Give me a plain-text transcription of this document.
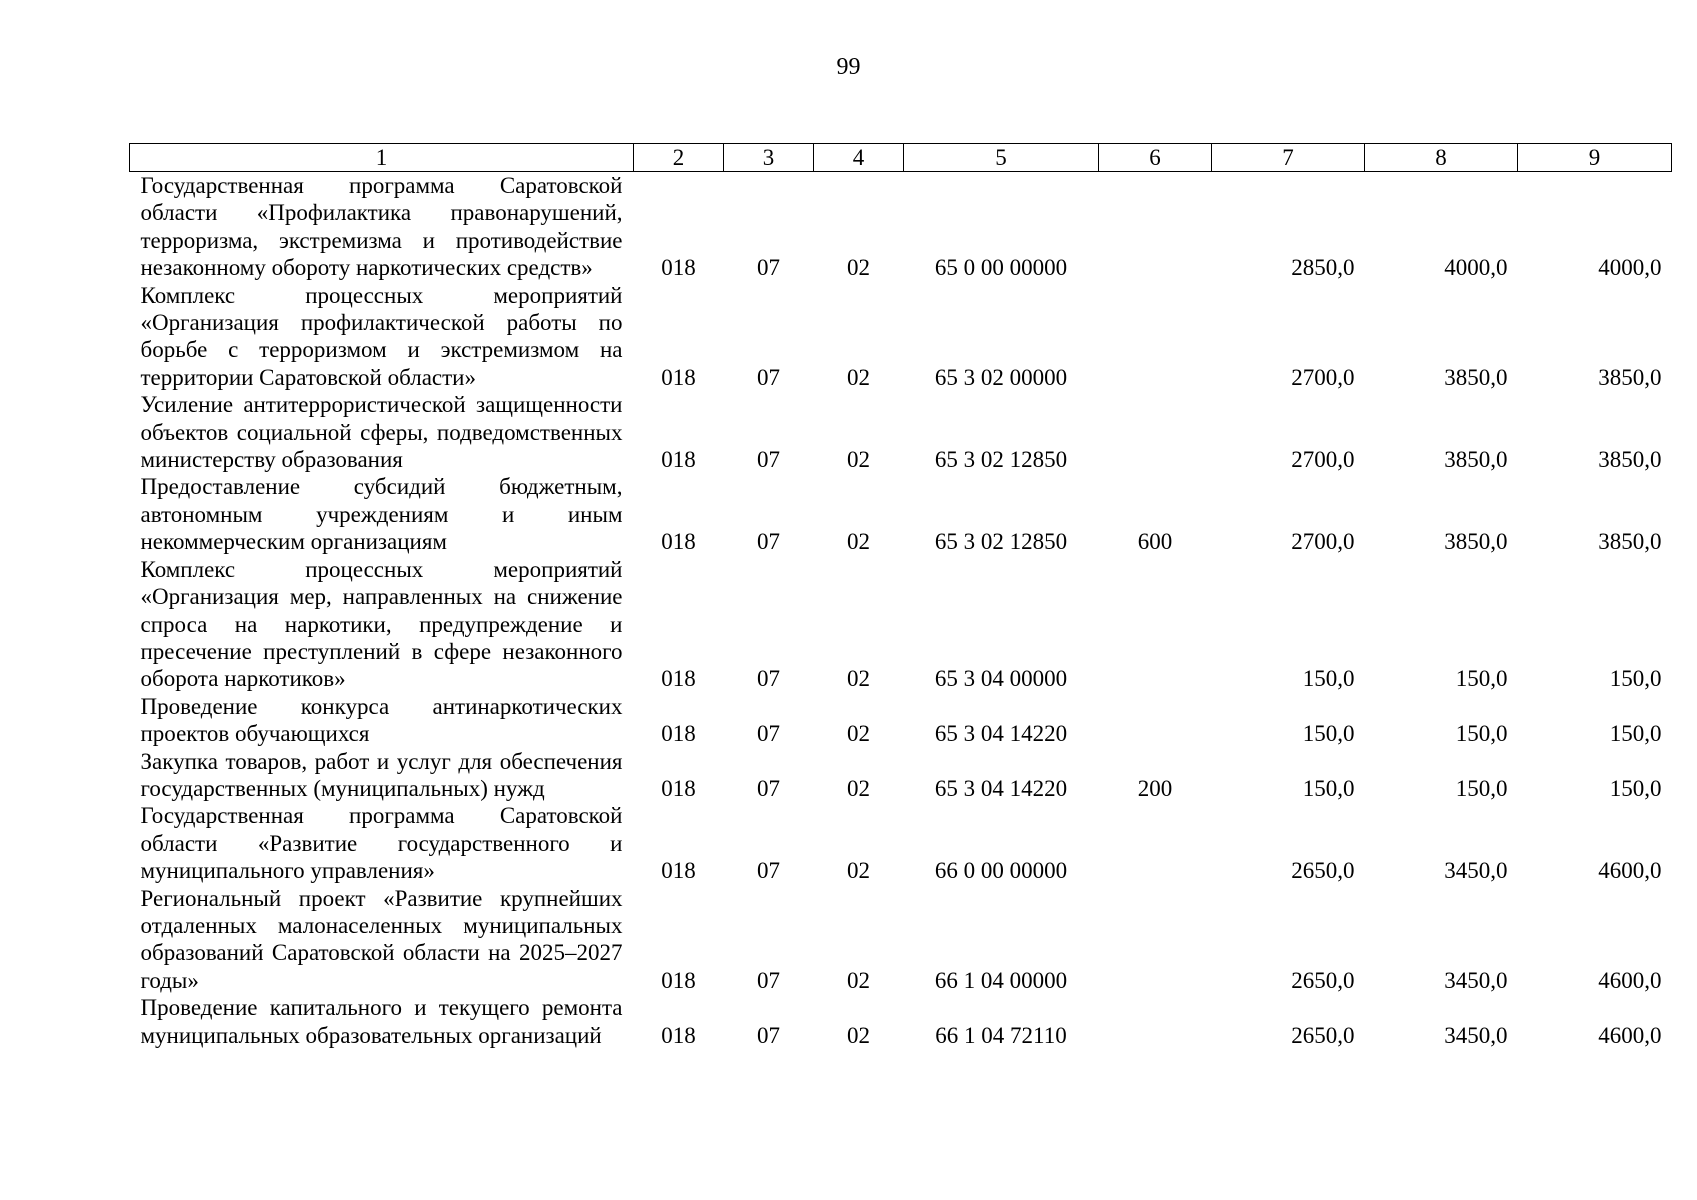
99
1	2	3	4	5	6	7	8	9
Государственная программа Саратовской области «Профилактика правонарушений, терроризма, экстремизма и противодействие незаконному обороту наркотических средств»	018	07	02	65 0 00 00000		2850,0	4000,0	4000,0
Комплекс процессных мероприятий «Организация профилактической работы по борьбе с терроризмом и экстремизмом на территории Саратовской области»	018	07	02	65 3 02 00000		2700,0	3850,0	3850,0
Усиление антитеррористической защищенности объектов социальной сферы, подведомственных министерству образования	018	07	02	65 3 02 12850		2700,0	3850,0	3850,0
Предоставление субсидий бюджетным, автономным учреждениям и иным некоммерческим организациям	018	07	02	65 3 02 12850	600	2700,0	3850,0	3850,0
Комплекс процессных мероприятий «Организация мер, направленных на снижение спроса на наркотики, предупреждение и пресечение преступлений в сфере незаконного оборота наркотиков»	018	07	02	65 3 04 00000		150,0	150,0	150,0
Проведение конкурса антинаркотических проектов обучающихся	018	07	02	65 3 04 14220		150,0	150,0	150,0
Закупка товаров, работ и услуг для обеспечения государственных (муниципальных) нужд	018	07	02	65 3 04 14220	200	150,0	150,0	150,0
Государственная программа Саратовской области «Развитие государственного и муниципального управления»	018	07	02	66 0 00 00000		2650,0	3450,0	4600,0
Региональный проект «Развитие крупнейших отдаленных малонаселенных муниципальных образований Саратовской области на 2025–2027 годы»	018	07	02	66 1 04 00000		2650,0	3450,0	4600,0
Проведение капитального и текущего ремонта муниципальных образовательных организаций	018	07	02	66 1 04 72110		2650,0	3450,0	4600,0
